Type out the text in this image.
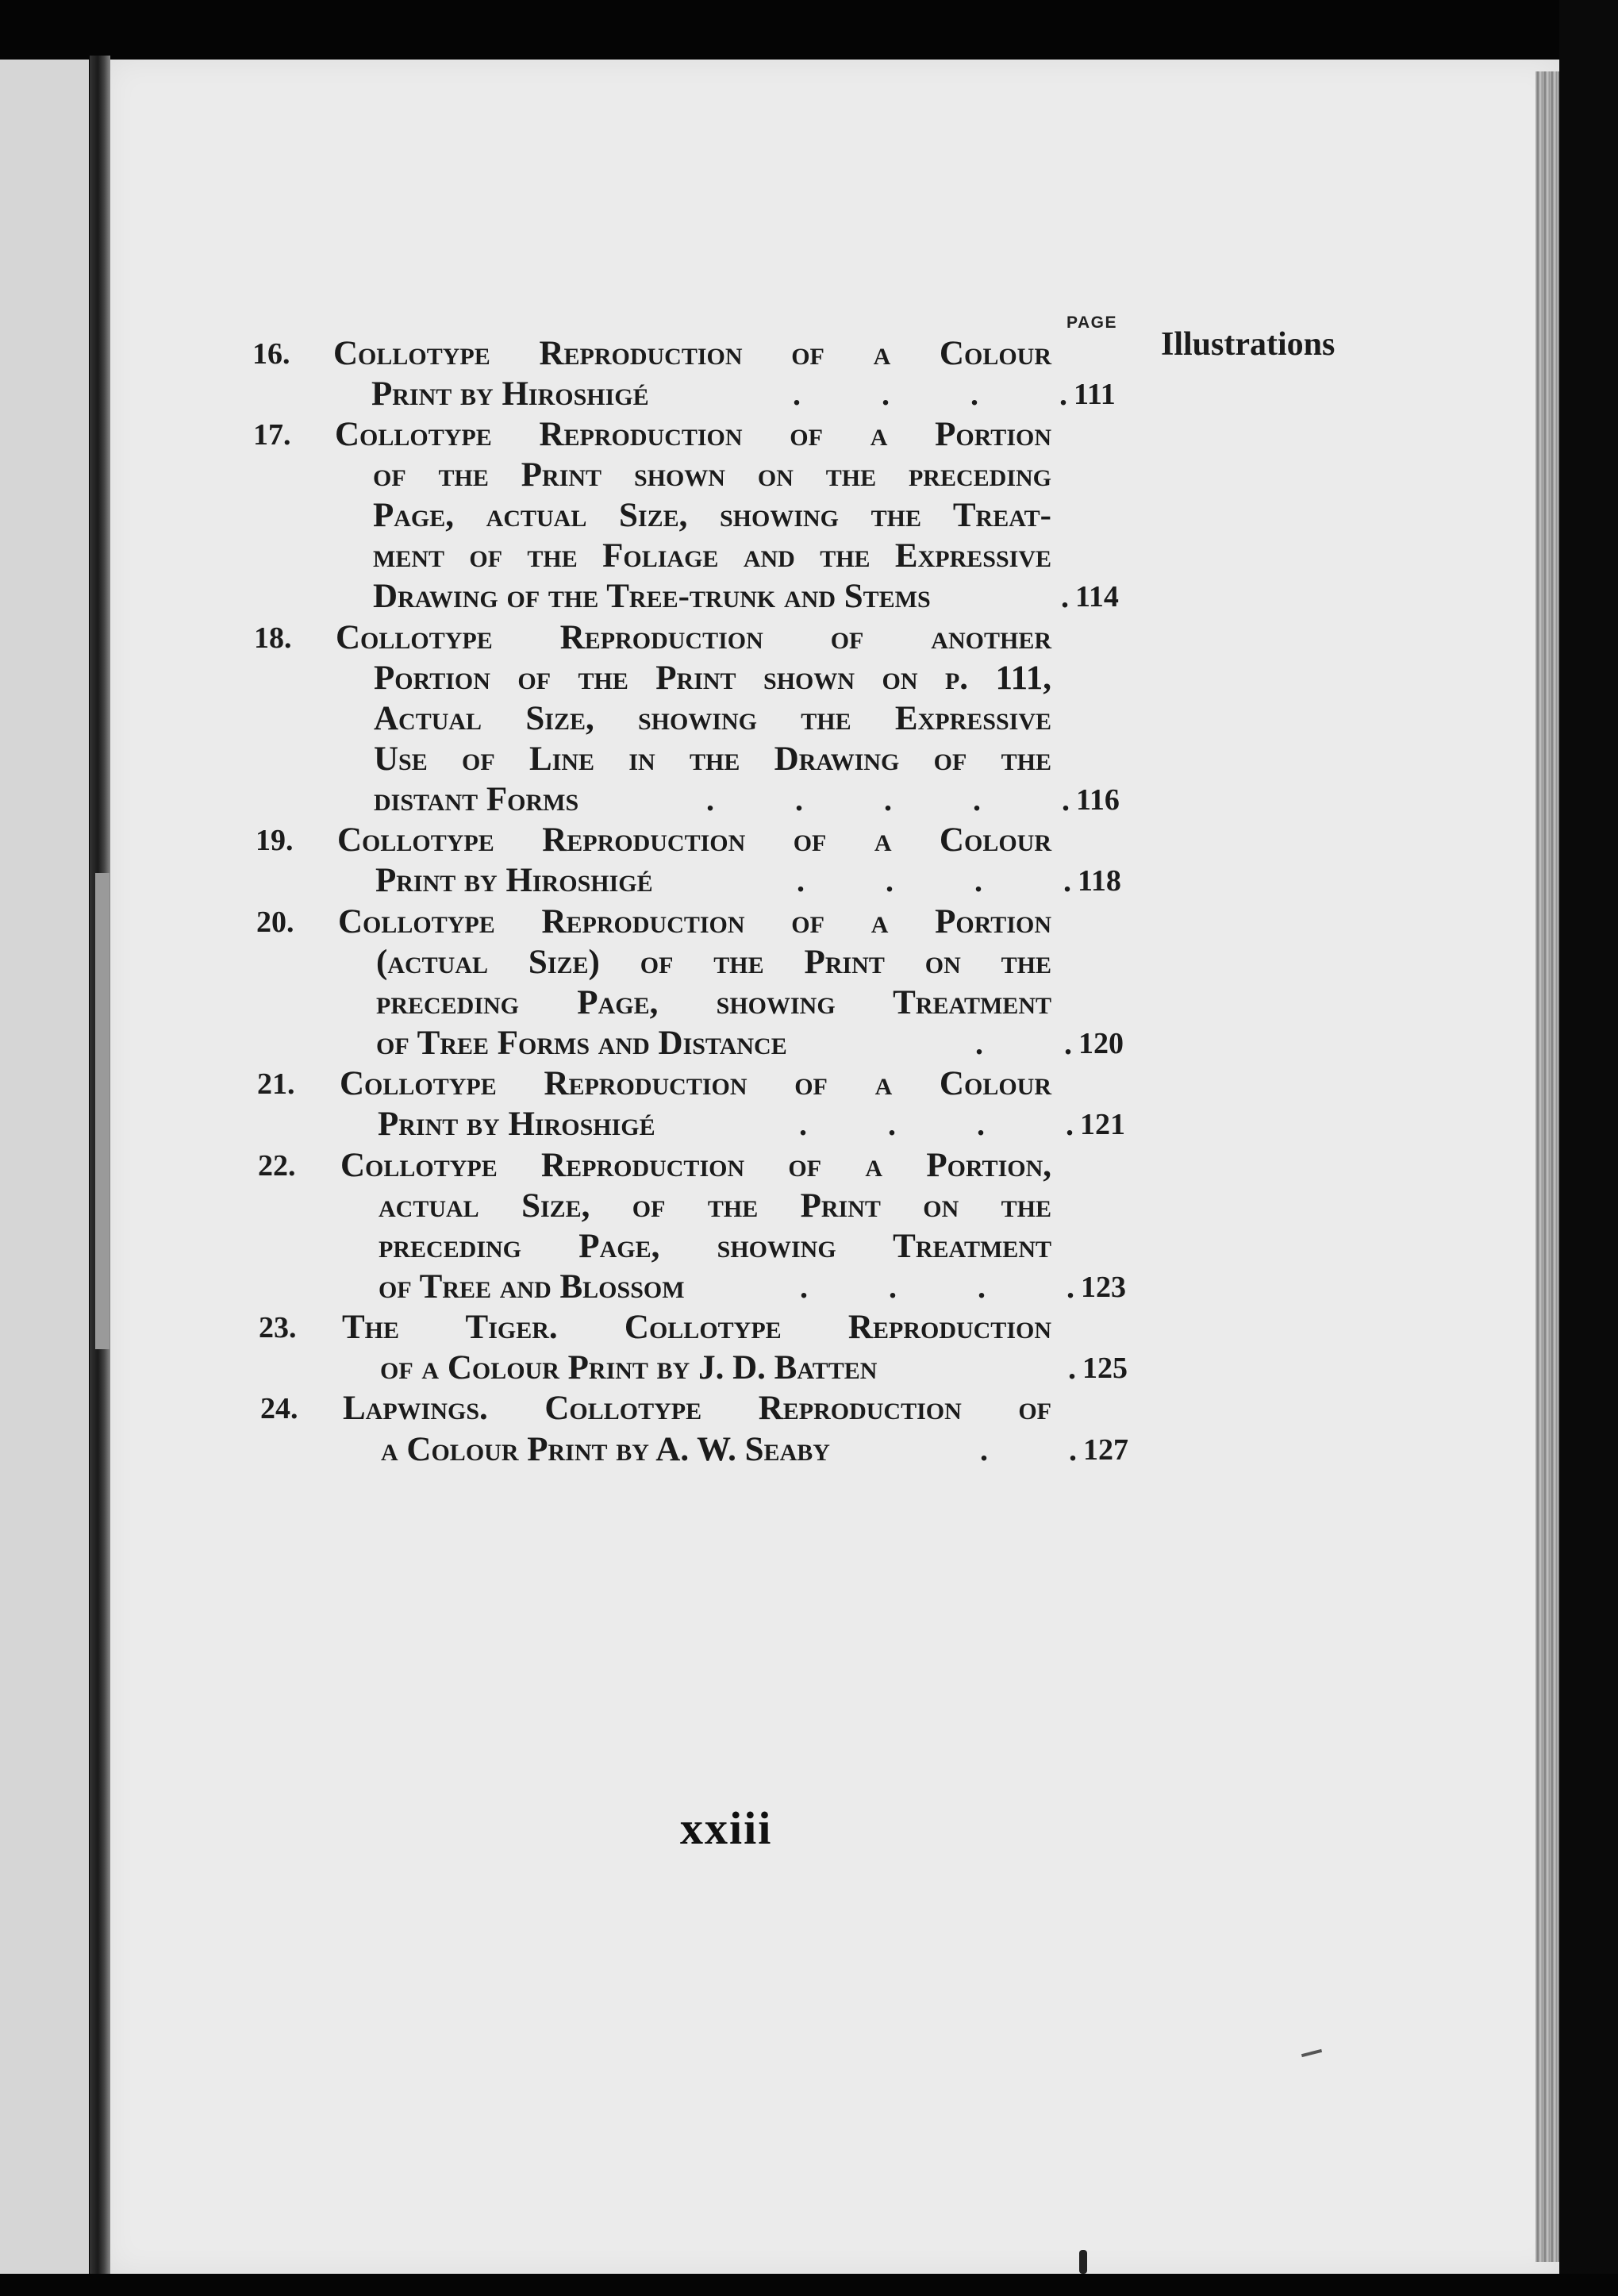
PAGE
Illustrations
16.	Collotype Reproduction of a Colour
Print by Hiroshigé	111
.	.	.	.
17.	Collotype Reproduction of a Portion
of the Print shown on the preceding
Page, actual Size, showing the Treat-
ment of the Foliage and the Expressive
Drawing of the Tree-trunk and Stems	114
.
18.	Collotype Reproduction of another
Portion of the Print shown on p. 111,
Actual Size, showing the Expressive
Use of Line in the Drawing of the
distant Forms	116
.	.	.	.	.
19.	Collotype Reproduction of a Colour
Print by Hiroshigé	118
.	.	.	.
20.	Collotype Reproduction of a Portion
(actual Size) of the Print on the
preceding Page, showing Treatment
of Tree Forms and Distance	120
.	.
21.	Collotype Reproduction of a Colour
Print by Hiroshigé	121
.	.	.	.
22.	Collotype Reproduction of a Portion,
actual Size, of the Print on the
preceding Page, showing Treatment
of Tree and Blossom	123
.	.	.	.
23.	The Tiger. Collotype Reproduction
of a Colour Print by J. D. Batten	125
.
24.	Lapwings. Collotype Reproduction of
a Colour Print by A. W. Seaby	127
.	.
xxiii
